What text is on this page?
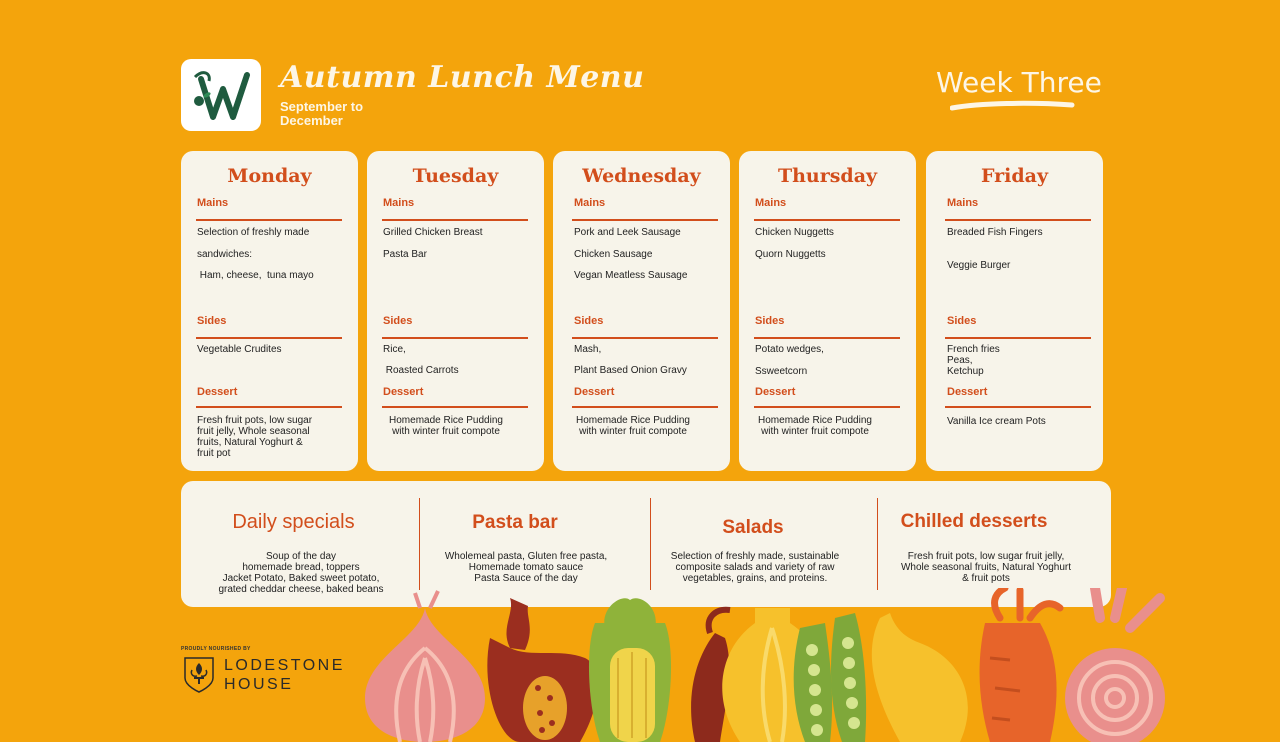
Autumn Lunch Menu
September to December
Week Three
Monday
Mains
Selection of freshly made
sandwiches:
Ham, cheese,  tuna mayo
Sides
Vegetable Crudites
Dessert
Fresh fruit pots, low sugar fruit jelly, Whole seasonal fruits, Natural Yoghurt & fruit pot
Tuesday
Mains
Grilled Chicken Breast
Pasta Bar
Sides
Rice,
Roasted Carrots
Dessert
Homemade Rice Pudding with winter fruit compote
Wednesday
Mains
Pork and Leek Sausage
Chicken Sausage
Vegan Meatless Sausage
Sides
Mash,
Plant Based Onion Gravy
Dessert
Homemade Rice Pudding with winter fruit compote
Thursday
Mains
Chicken Nuggetts
Quorn Nuggetts
Sides
Potato wedges,
Ssweetcorn
Dessert
Homemade Rice Pudding with winter fruit compote
Friday
Mains
Breaded Fish Fingers
Veggie Burger
Sides
French fries
Peas,
Ketchup
Dessert
Vanilla Ice cream Pots
Daily specials
Soup of the day
homemade bread, toppers
Jacket Potato, Baked sweet potato,
grated cheddar cheese, baked beans
Pasta bar
Wholemeal pasta, Gluten free pasta,
Homemade tomato sauce
Pasta Sauce of the day
Salads
Selection of freshly made, sustainable
composite salads and variety of raw
vegetables, grains, and proteins.
Chilled desserts
Fresh fruit pots, low sugar fruit jelly,
Whole seasonal fruits, Natural Yoghurt
& fruit pots
PROUDLY NOURISHED BY
LODESTONE
HOUSE
